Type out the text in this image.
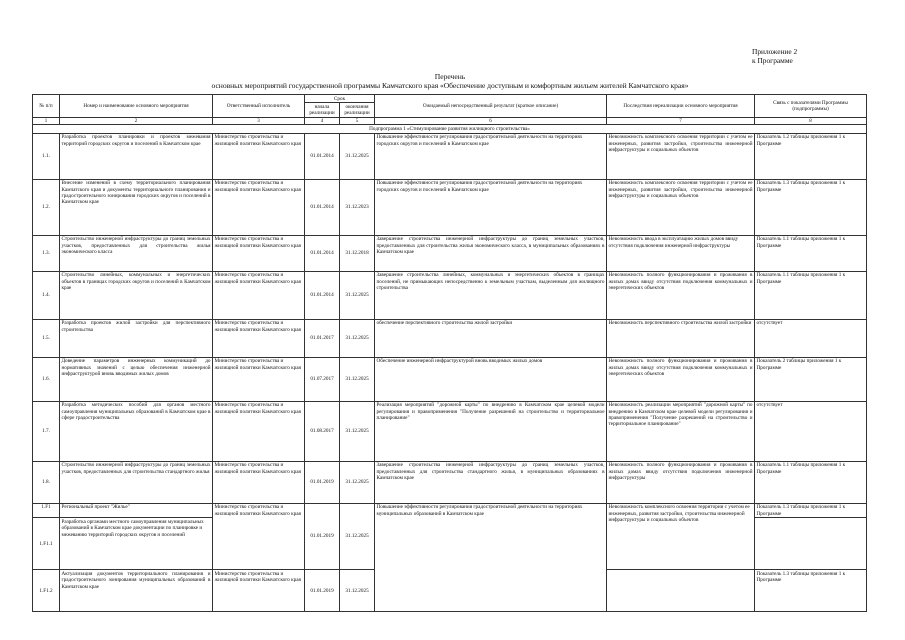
Приложение 2
к Программе
Перечень
основных мероприятий государственной программы Камчатского края «Обеспечение доступным и комфортным жильем жителей Камчатского края»
№ п/п	Номер и наименование основного мероприятия	Ответственный исполнитель	Срок		Ожидаемый непосредственный результат (краткое описание)	Последствия нереализации основного мероприятия	Связь с показателями Программы (подпрограммы)
			начала реализации	окончания реализации			
1	2	3	4	5	6	7	8
Подпрограмма 1 «Стимулирование развития жилищного строительства»							
1.1.	Разработка проектов планировки и проектов межевания территорий городских округов и поселений в Камчатском крае	Министерство строительства и жилищной политики Камчатского края	01.01.2014	31.12.2025	Повышение эффективности регулирования градостроительной деятельности на территориях городских округов и поселений в Камчатском крае	Невозможность комплексного освоения территории с учетом ее инженерных, развития застройки, строительства инженерной инфраструктуры и социальных объектов	Показатель 1.2 таблицы приложения 1 к Программе
1.2.	Внесение изменений в схему территориального планирования Камчатского края и документы территориального планирования и градостроительного зонирования городских округов и поселений в Камчатском крае	Министерство строительства и жилищной политики Камчатского края	01.01.2014	31.12.2023	Повышение эффективности регулирования градостроительной деятельности на территориях городских округов и поселений в Камчатском крае	Невозможность комплексного освоения территории с учетом ее инженерных, развития застройки, строительства инженерной инфраструктуры и социальных объектов	Показатель 1.3 таблицы приложения 1 к Программе
1.3.	Строительство инженерной инфраструктуры до границ земельных участков, предоставленных для строительства жилья экономического класса	Министерство строительства и жилищной политики Камчатского края	01.01.2014	31.12.2018	Завершение строительства инженерной инфраструктуры до границ земельных участков, предоставленных для строительства жилья экономического класса, в муниципальных образованиях в Камчатском крае	Невозможность ввода в эксплуатацию жилых домов ввиду отсутствия подключения инженерной инфраструктуры	Показатель 1.1 таблицы приложения 1 к Программе
1.4.	Строительство линейных, коммунальных и энергетических объектов в границах городских округов и поселений в Камчатском крае	Министерство строительства и жилищной политики Камчатского края	01.01.2014	31.12.2025	Завершение строительства линейных, коммунальных и энергетических объектов в границах поселений, не примыкающих непосредственно к земельным участкам, выделенным для жилищного строительства	Невозможность полного функционирования и проживания в жилых домах ввиду отсутствия подключения коммунальных и энергетических объектов	Показатель 1.1 таблицы приложения 1 к Программе
1.5.	Разработка проектов жилой застройки для перспективного строительства	Министерство строительства и жилищной политики Камчатского края	01.01.2017	31.12.2025	обеспечение перспективного строительства жилой застройки	Невозможность перспективного строительства жилой застройки	отсутствует
1.6.	Доведение параметров инженерных коммуникаций до нормативных значений с целью обеспечения инженерной инфраструктурой вновь вводимых жилых домов	Министерство строительства и жилищной политики Камчатского края	01.07.2017	31.12.2025	Обеспечение инженерной инфраструктурой вновь вводимых жилых домов	Невозможность полного функционирования и проживания в жилых домах ввиду отсутствия подключения коммунальных и энергетических объектов	Показатель 2 таблицы приложения 1 к Программе
1.7.	Разработка методических пособий для органов местного самоуправления муниципальных образований в Камчатском крае в сфере градостроительства	Министерство строительства и жилищной политики Камчатского края	01.08.2017	31.12.2025	Реализация мероприятий "дорожной карты" по внедрению в Камчатском крае целевой модели регулирования и правоприменения "Получение разрешений на строительство и территориальное планирование"	Невозможность реализации мероприятий "дорожной карты" по внедрению в Камчатском крае целевой модели регулирования и правоприменения "Получение разрешений на строительство и территориальное планирование"	отсутствует
1.8.	Строительство инженерной инфраструктуры до границ земельных участков, предоставленных для строительства стандартного жилья	Министерство строительства и жилищной политики Камчатского края	01.01.2019	31.12.2025	Завершение строительства инженерной инфраструктуры до границ земельных участков, предоставленных для строительства стандартного жилья, в муниципальных образованиях в Камчатском крае	Невозможность полного функционирования и проживания в жилых домах ввиду отсутствия подключения инженерной инфраструктуры	Показатель 1.1 таблицы приложения 1 к Программе
1.F1	Региональный проект "Жилье"	Министерство строительства и жилищной политики Камчатского края	01.01.2019	31.12.2025	Повышение эффективности регулирования градостроительной деятельности на территориях муниципальных образований в Камчатском крае	Невозможность комплексного освоения территории с учетом ее инженерных, развития застройки, строительства инженерной инфраструктуры и социальных объектов	Показатель 1.3 таблицы приложения 1 к Программе
1.F1.1	Разработка органами местного самоуправления муниципальных образований в Камчатском крае документации по планировке и межеванию территорий городских округов и поселений						
1.F1.2	Актуализация документов территориального планирования и градостроительного зонирования муниципальных образований в Камчатском крае	Министерство строительства и жилищной политики Камчатского края	01.01.2019	31.12.2025			Показатель 1.3 таблицы приложения 1 к Программе
